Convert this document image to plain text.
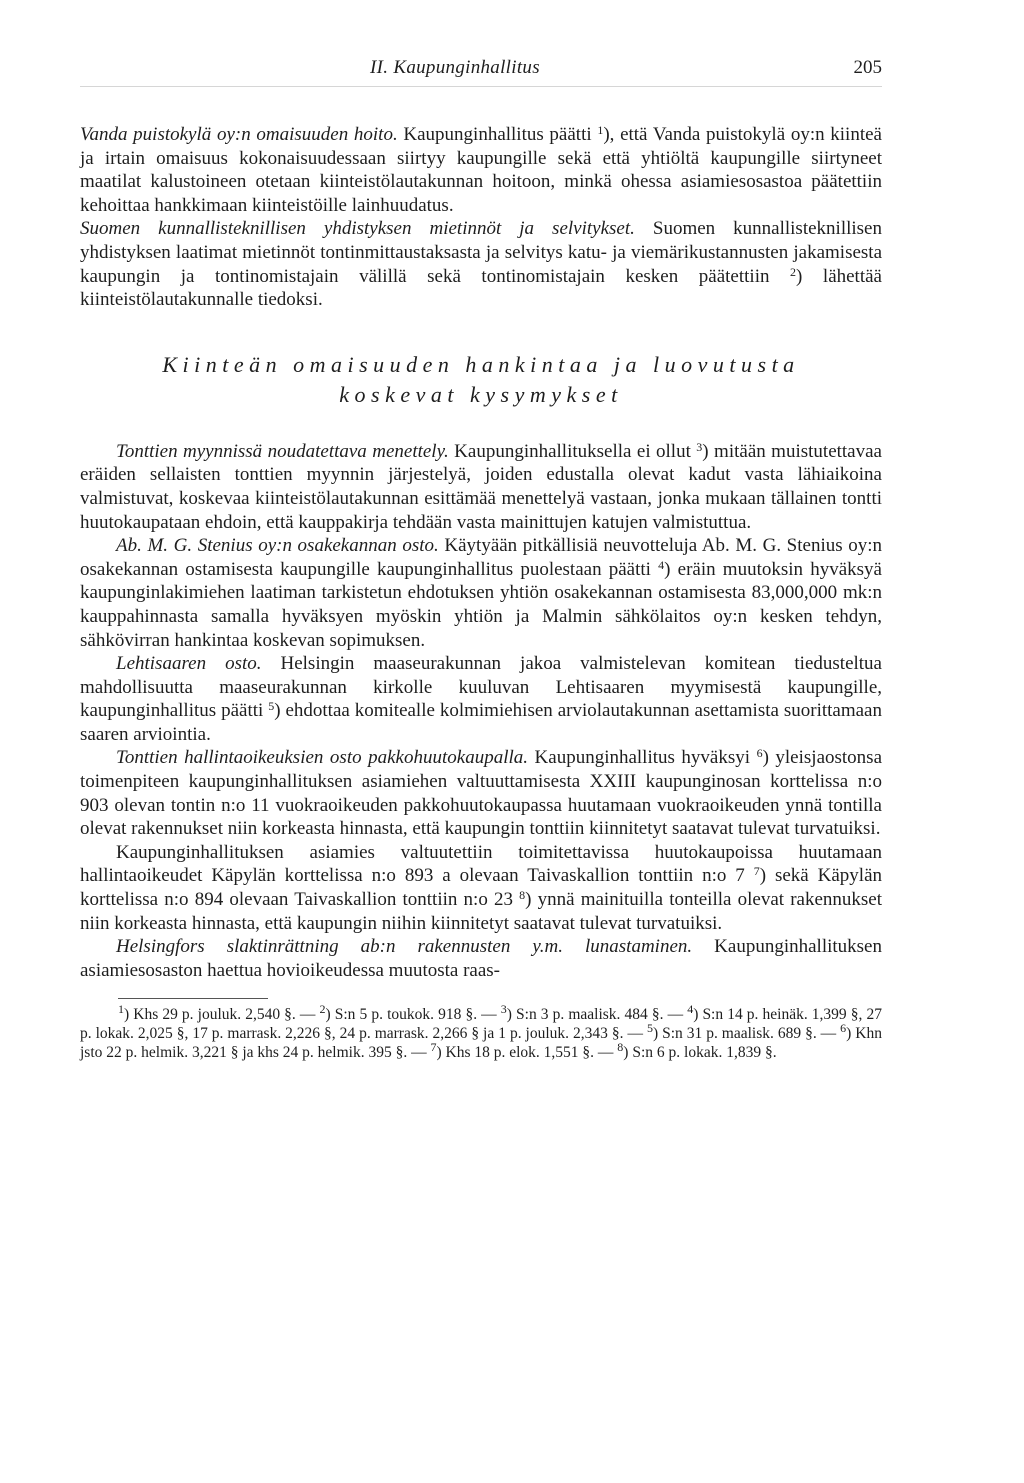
II. Kaupunginhallitus	205

Vanda puistokylä oy:n omaisuuden hoito. Kaupunginhallitus päätti $^1$), että Vanda puistokylä oy:n kiinteä ja irtain omaisuus kokonaisuudessaan siirtyy kaupungille sekä että yhtiöltä kaupungille siirtyneet maatilat kalustoineen otetaan kiinteistölautakunnan hoitoon, minkä ohessa asiamiesosastoa päätettiin kehoittaa hankkimaan kiinteistöille lainhuudatus.

Suomen kunnallisteknillisen yhdistyksen mietinnöt ja selvitykset. Suomen kunnallisteknillisen yhdistyksen laatimat mietinnöt tontinmittaustaksasta ja selvitys katu- ja viemärikustannusten jakamisesta kaupungin ja tontinomistajain välillä sekä tontinomistajain kesken päätettiin $^2$) lähettää kiinteistölautakunnalle tiedoksi.

Kiinteän omaisuuden hankintaa ja luovutusta
koskevat kysymykset

Tonttien myynnissä noudatettava menettely. Kaupunginhallituksella ei ollut $^3$) mitään muistutettavaa eräiden sellaisten tonttien myynnin järjestelyä, joiden edustalla olevat kadut vasta lähiaikoina valmistuvat, koskevaa kiinteistölautakunnan esittämää menettelyä vastaan, jonka mukaan tällainen tontti huutokaupataan ehdoin, että kauppakirja tehdään vasta mainittujen katujen valmistuttua.

Ab. M. G. Stenius oy:n osakekannan osto. Käytyään pitkällisiä neuvotteluja Ab. M. G. Stenius oy:n osakekannan ostamisesta kaupungille kaupunginhallitus puolestaan päätti $^4$) eräin muutoksin hyväksyä kaupunginlakimiehen laatiman tarkistetun ehdotuksen yhtiön osakekannan ostamisesta 83,000,000 mk:n kauppahinnasta samalla hyväksyen myöskin yhtiön ja Malmin sähkölaitos oy:n kesken tehdyn, sähkövirran hankintaa koskevan sopimuksen.

Lehtisaaren osto. Helsingin maaseurakunnan jakoa valmistelevan komitean tiedusteltua mahdollisuutta maaseurakunnan kirkolle kuuluvan Lehtisaaren myymisestä kaupungille, kaupunginhallitus päätti $^5$) ehdottaa komitealle kolmimiehisen arviolautakunnan asettamista suorittamaan saaren arviointia.

Tonttien hallintaoikeuksien osto pakkohuutokaupalla. Kaupunginhallitus hyväksyi $^6$) yleisjaostonsa toimenpiteen kaupunginhallituksen asiamiehen valtuuttamisesta XXIII kaupunginosan korttelissa n:o 903 olevan tontin n:o 11 vuokraoikeuden pakkohuutokaupassa huutamaan vuokraoikeuden ynnä tontilla olevat rakennukset niin korkeasta hinnasta, että kaupungin tonttiin kiinnitetyt saatavat tulevat turvatuiksi.

Kaupunginhallituksen asiamies valtuutettiin toimitettavissa huutokaupoissa huutamaan hallintaoikeudet Käpylän korttelissa n:o 893 a olevaan Taivaskallion tonttiin n:o 7 $^7$) sekä Käpylän korttelissa n:o 894 olevaan Taivaskallion tonttiin n:o 23 $^8$) ynnä mainituilla tonteilla olevat rakennukset niin korkeasta hinnasta, että kaupungin niihin kiinnitetyt saatavat tulevat turvatuiksi.

Helsingfors slaktinrättning ab:n rakennusten y.m. lunastaminen. Kaupunginhallituksen asiamiesosaston haettua hovioikeudessa muutosta raas-

$^1$) Khs 29 p. jouluk. 2,540 §. — $^2$) S:n 5 p. toukok. 918 §. — $^3$) S:n 3 p. maalisk. 484 §. — $^4$) S:n 14 p. heinäk. 1,399 §, 27 p. lokak. 2,025 §, 17 p. marrask. 2,226 §, 24 p. marrask. 2,266 § ja 1 p. jouluk. 2,343 §. — $^5$) S:n 31 p. maalisk. 689 §. — $^6$) Khn jsto 22 p. helmik. 3,221 § ja khs 24 p. helmik. 395 §. — $^7$) Khs 18 p. elok. 1,551 §. — $^8$) S:n 6 p. lokak. 1,839 §.
